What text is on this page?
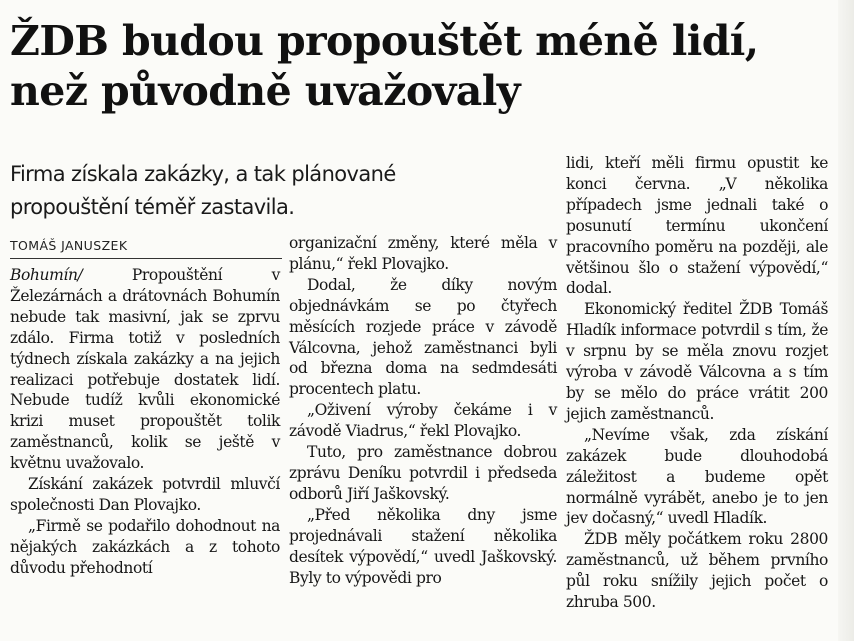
ŽDB budou propouštět méně lidí,
než původně uvažovaly
Firma získala zakázky, a tak plánované
propouštění téměř zastavila.
TOMÁŠ JANUSZEK

Bohumín/ Propouštění v Železárnách a drátovnách Bohumín nebude tak masivní, jak se zprvu zdálo. Firma totiž v posledních týdnech získala zakázky a na jejich realizaci potřebuje dostatek lidí. Nebude tudíž kvůli ekonomické krizi muset propouštět tolik zaměstnanců, kolik se ještě v květnu uvažovalo.

Získání zakázek potvrdil mluvčí společnosti Dan Plovajko.

„Firmě se podařilo dohodnout na nějakých zakázkách a z tohoto důvodu přehodnotí

organizační změny, které měla v plánu,“ řekl Plovajko.

Dodal, že díky novým objednávkám se po čtyřech měsících rozjede práce v závodě Válcovna, jehož zaměstnanci byli od března doma na sedmdesáti procentech platu.

„Oživení výroby čekáme i v závodě Viadrus,“ řekl Plovajko.

Tuto, pro zaměstnance dobrou zprávu Deníku potvrdil i předseda odborů Jiří Jaškovský.

„Před několika dny jsme projednávali stažení několika desítek výpovědí,“ uvedl Jaškovský. Byly to výpovědi pro

lidi, kteří měli firmu opustit ke konci června. „V několika případech jsme jednali také o posunutí termínu ukončení pracovního poměru na později, ale většinou šlo o stažení výpovědí,“ dodal.

Ekonomický ředitel ŽDB Tomáš Hladík informace potvrdil s tím, že v srpnu by se měla znovu rozjet výroba v závodě Válcovna a s tím by se mělo do práce vrátit 200 jejich zaměstnanců.

„Nevíme však, zda získání zakázek bude dlouhodobá záležitost a budeme opět normálně vyrábět, anebo je to jen jev dočasný,“ uvedl Hladík.

ŽDB měly počátkem roku 2800 zaměstnanců, už během prvního půl roku snížily jejich počet o zhruba 500.
